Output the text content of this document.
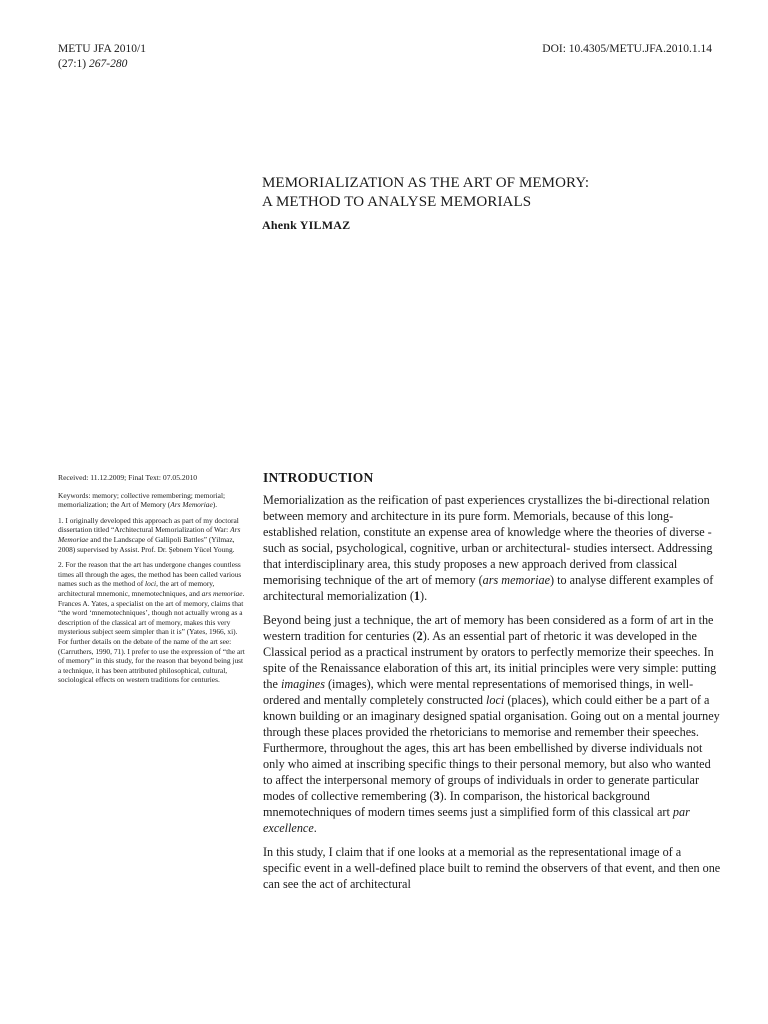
METU JFA 2010/1
(27:1) 267-280
DOI: 10.4305/METU.JFA.2010.1.14
MEMORIALIZATION AS THE ART OF MEMORY:
A METHOD TO ANALYSE MEMORIALS
Ahenk YILMAZ

Received: 11.12.2009; Final Text: 07.05.2010

Keywords: memory; collective remembering; memorial; memorialization; the Art of Memory (Ars Memoriae).

1. I originally developed this approach as part of my doctoral dissertation titled “Architectural Memorialization of War: Ars Memoriae and the Landscape of Gallipoli Battles” (Yilmaz, 2008) supervised by Assist. Prof. Dr. Şebnem Yücel Young.

2. For the reason that the art has undergone changes countless times all through the ages, the method has been called various names such as the method of loci, the art of memory, architectural mnemonic, mnemotechniques, and ars memoriae. Frances A. Yates, a specialist on the art of memory, claims that “the word ‘mnemotechniques’, though not actually wrong as a description of the classical art of memory, makes this very mysterious subject seem simpler than it is” (Yates, 1966, xi). For further details on the debate of the name of the art see: (Carruthers, 1990, 71). I prefer to use the expression of “the art of memory” in this study, for the reason that beyond being just a technique, it has been attributed philosophical, cultural, sociological effects on western traditions for centuries.

INTRODUCTION

Memorialization as the reification of past experiences crystallizes the bi-directional relation between memory and architecture in its pure form. Memorials, because of this long-established relation, constitute an expense area of knowledge where the theories of diverse -such as social, psychological, cognitive, urban or architectural- studies intersect. Addressing that interdisciplinary area, this study proposes a new approach derived from classical memorising technique of the art of memory (ars memoriae) to analyse different examples of architectural memorialization (1).

Beyond being just a technique, the art of memory has been considered as a form of art in the western tradition for centuries (2). As an essential part of rhetoric it was developed in the Classical period as a practical instrument by orators to perfectly memorize their speeches. In spite of the Renaissance elaboration of this art, its initial principles were very simple: putting the imagines (images), which were mental representations of memorised things, in well-ordered and mentally completely constructed loci (places), which could either be a part of a known building or an imaginary designed spatial organisation. Going out on a mental journey through these places provided the rhetoricians to memorise and remember their speeches. Furthermore, throughout the ages, this art has been embellished by diverse individuals not only who aimed at inscribing specific things to their personal memory, but also who wanted to affect the interpersonal memory of groups of individuals in order to generate particular modes of collective remembering (3). In comparison, the historical background mnemotechniques of modern times seems just a simplified form of this classical art par excellence.

In this study, I claim that if one looks at a memorial as the representational image of a specific event in a well-defined place built to remind the observers of that event, and then one can see the act of architectural
